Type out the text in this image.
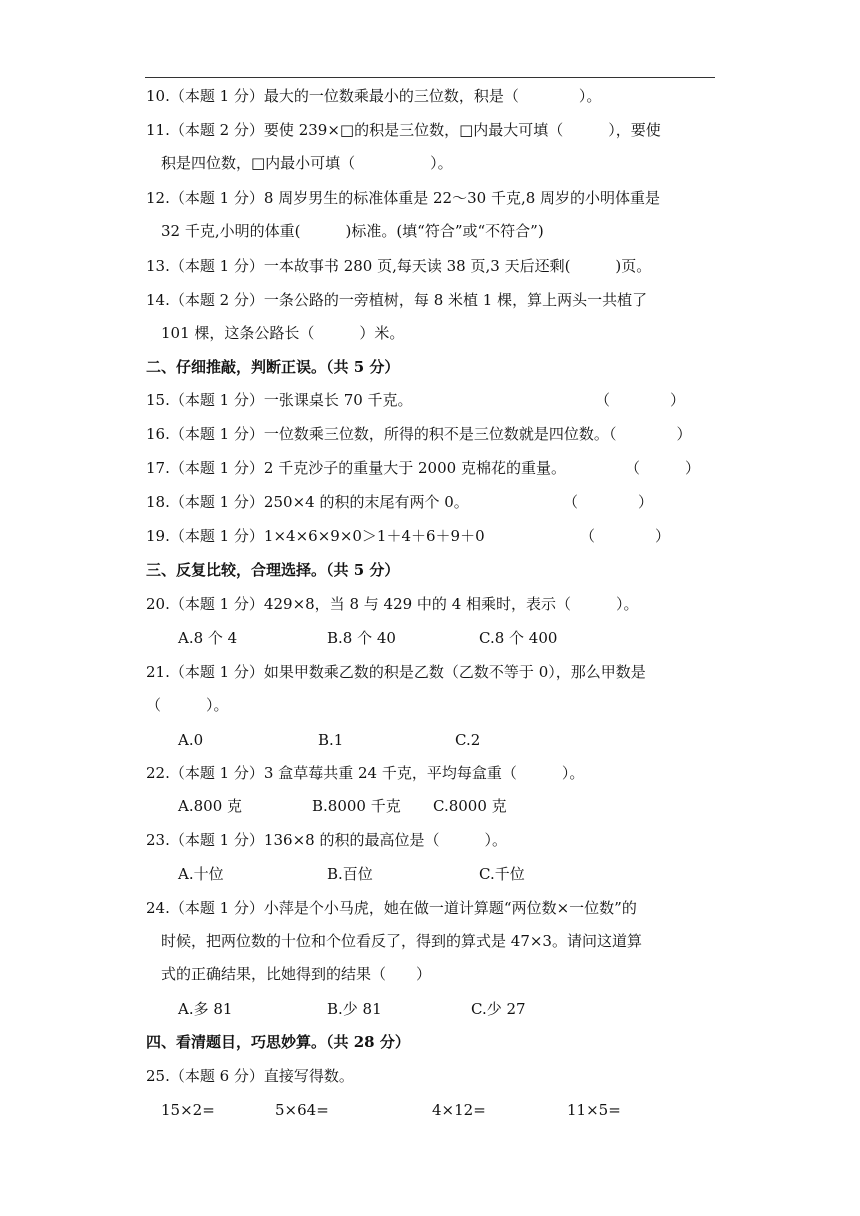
10.（本题 1 分）最大的一位数乘最小的三位数，积是（　　　　）。
11.（本题 2 分）要使 239×□的积是三位数，□内最大可填（　　　），要使
积是四位数，□内最小可填（　　　　　）。
12.（本题 1 分）8 周岁男生的标准体重是 22～30 千克,8 周岁的小明体重是
32 千克,小明的体重(　　　)标准。(填“符合”或“不符合”)
13.（本题 1 分）一本故事书 280 页,每天读 38 页,3 天后还剩(　　　)页。
14.（本题 2 分）一条公路的一旁植树，每 8 米植 1 棵，算上两头一共植了
101 棵，这条公路长（　　　）米。
二、仔细推敲，判断正误。（共 5 分）
15.（本题 1 分）一张课桌长 70 千克。	（　　　　）
16.（本题 1 分）一位数乘三位数，所得的积不是三位数就是四位数。（　　　　）
17.（本题 1 分）2 千克沙子的重量大于 2000 克棉花的重量。	（　　　）
18.（本题 1 分）250×4 的积的末尾有两个 0。	（　　　　）
19.（本题 1 分）1×4×6×9×0＞1＋4＋6＋9＋0	（　　　　）
三、反复比较，合理选择。（共 5 分）
20.（本题 1 分）429×8，当 8 与 429 中的 4 相乘时，表示（　　　）。
A.8 个 4	B.8 个 40	C.8 个 400
21.（本题 1 分）如果甲数乘乙数的积是乙数（乙数不等于 0），那么甲数是
（　　　）。
A.0	B.1	C.2
22.（本题 1 分）3 盒草莓共重 24 千克，平均每盒重（　　　）。
A.800 克	B.8000 千克 C.8000 克
23.（本题 1 分）136×8 的积的最高位是（　　　）。
A.十位	B.百位	C.千位
24.（本题 1 分）小萍是个小马虎，她在做一道计算题“两位数×一位数”的
时候，把两位数的十位和个位看反了，得到的算式是 47×3。请问这道算
式的正确结果，比她得到的结果（　　）
A.多 81	B.少 81	C.少 27
四、看清题目，巧思妙算。（共 28 分）
25.（本题 6 分）直接写得数。
15×2=	5×64=	4×12=	11×5=
